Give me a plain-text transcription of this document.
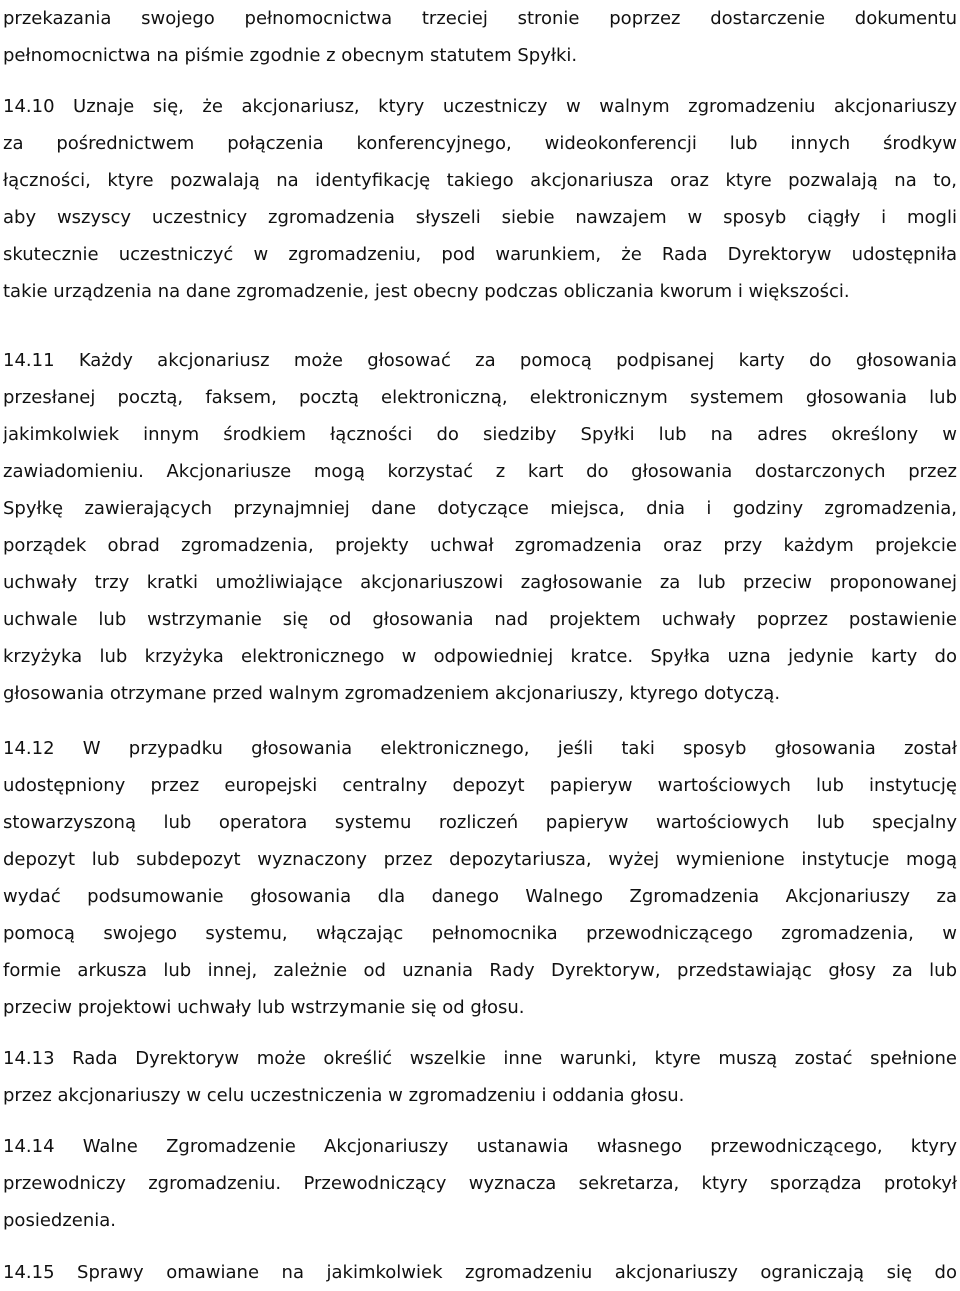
przekazania swojego pełnomocnictwa trzeciej stronie poprzez dostarczenie dokumentu
pełnomocnictwa na piśmie zgodnie z obecnym statutem Spyłki.
14.10 Uznaje się, że akcjonariusz, ktyry uczestniczy w walnym zgromadzeniu akcjonariuszy
za pośrednictwem połączenia konferencyjnego, wideokonferencji lub innych środkyw
łączności, ktyre pozwalają na identyfikację takiego akcjonariusza oraz ktyre pozwalają na to,
aby wszyscy uczestnicy zgromadzenia słyszeli siebie nawzajem w sposyb ciągły i mogli
skutecznie uczestniczyć w zgromadzeniu, pod warunkiem, że Rada Dyrektoryw udostępniła
takie urządzenia na dane zgromadzenie, jest obecny podczas obliczania kworum i większości.
14.11 Każdy akcjonariusz może głosować za pomocą podpisanej karty do głosowania
przesłanej pocztą, faksem, pocztą elektroniczną, elektronicznym systemem głosowania lub
jakimkolwiek innym środkiem łączności do siedziby Spyłki lub na adres określony w
zawiadomieniu. Akcjonariusze mogą korzystać z kart do głosowania dostarczonych przez
Spyłkę zawierających przynajmniej dane dotyczące miejsca, dnia i godziny zgromadzenia,
porządek obrad zgromadzenia, projekty uchwał zgromadzenia oraz przy każdym projekcie
uchwały trzy kratki umożliwiające akcjonariuszowi zagłosowanie za lub przeciw proponowanej
uchwale lub wstrzymanie się od głosowania nad projektem uchwały poprzez postawienie
krzyżyka lub krzyżyka elektronicznego w odpowiedniej kratce. Spyłka uzna jedynie karty do
głosowania otrzymane przed walnym zgromadzeniem akcjonariuszy, ktyrego dotyczą.
14.12 W przypadku głosowania elektronicznego, jeśli taki sposyb głosowania został
udostępniony przez europejski centralny depozyt papieryw wartościowych lub instytucję
stowarzyszoną lub operatora systemu rozliczeń papieryw wartościowych lub specjalny
depozyt lub subdepozyt wyznaczony przez depozytariusza, wyżej wymienione instytucje mogą
wydać podsumowanie głosowania dla danego Walnego Zgromadzenia Akcjonariuszy za
pomocą swojego systemu, włączając pełnomocnika przewodniczącego zgromadzenia, w
formie arkusza lub innej, zależnie od uznania Rady Dyrektoryw, przedstawiając głosy za lub
przeciw projektowi uchwały lub wstrzymanie się od głosu.
14.13 Rada Dyrektoryw może określić wszelkie inne warunki, ktyre muszą zostać spełnione
przez akcjonariuszy w celu uczestniczenia w zgromadzeniu i oddania głosu.
14.14 Walne Zgromadzenie Akcjonariuszy ustanawia własnego przewodniczącego, ktyry
przewodniczy zgromadzeniu. Przewodniczący wyznacza sekretarza, ktyry sporządza protokył
posiedzenia.
14.15 Sprawy omawiane na jakimkolwiek zgromadzeniu akcjonariuszy ograniczają się do
